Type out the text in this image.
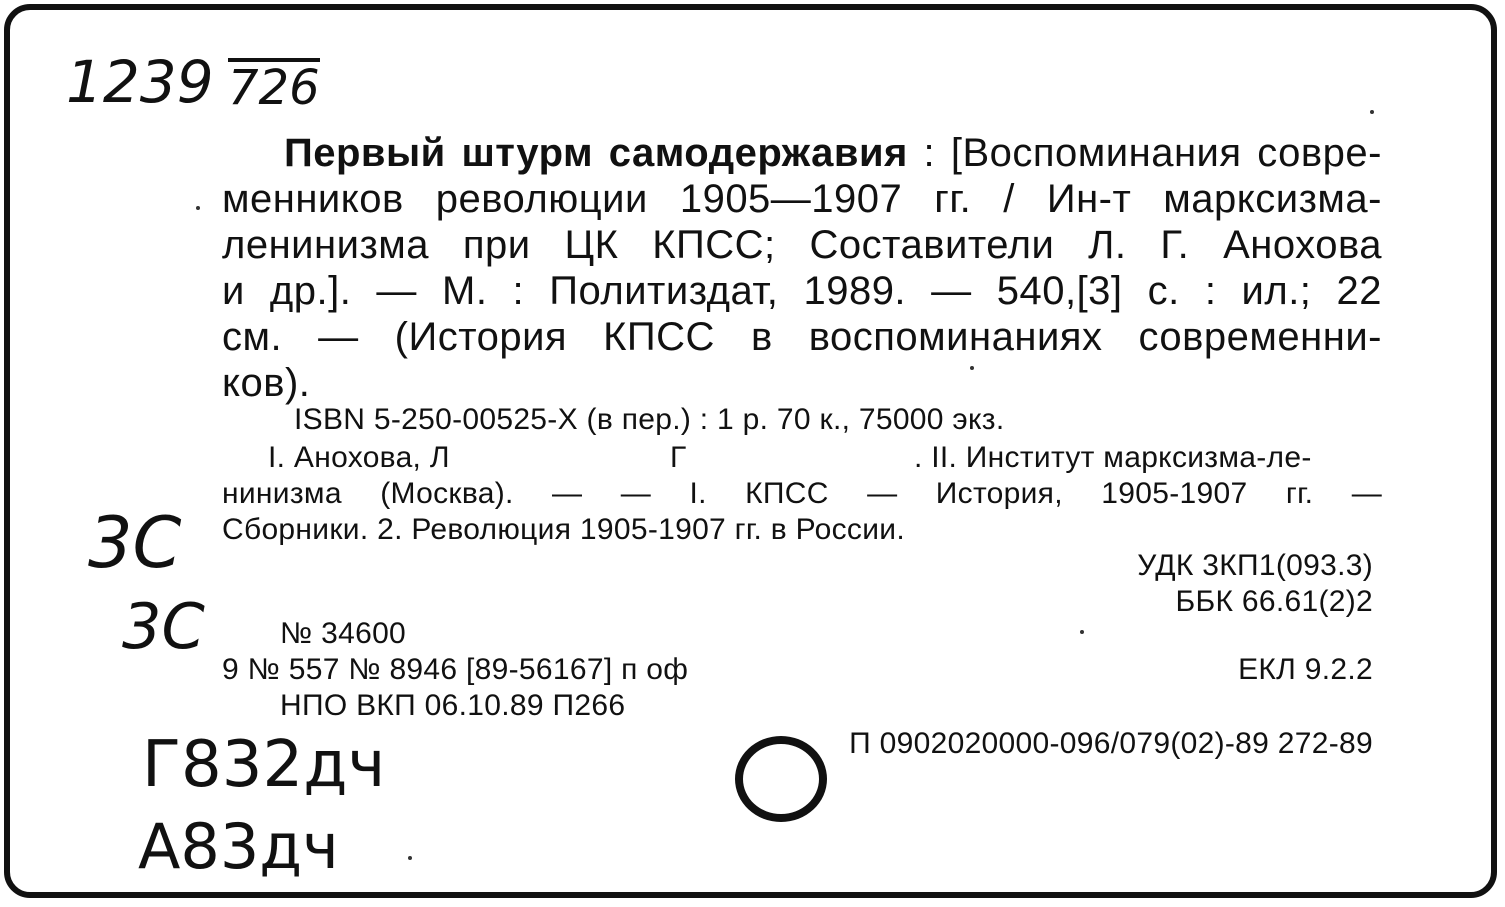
1239 726
3C
3C
Г832дч
А83дч
Первый штурм самодержавия : [Воспоминания совре-
менников революции 1905—1907 гг. / Ин-т марксизма-
ленинизма при ЦК КПСС; Составители Л. Г. Анохова
и др.]. — М. : Политиздат, 1989. — 540,[3] с. : ил.; 22
см. — (История КПСС в воспоминаниях современни-
ков).
ISBN 5-250-00525-X (в пер.) : 1 р. 70 к., 75000 экз.
I. Анохова, Л	Г	. II. Институт марксизма-ле-
нинизма (Москва). — — I. КПСС — История, 1905-1907 гг. —
Сборники. 2. Революция 1905-1907 гг. в России.
УДК 3КП1(093.3)
ББК 66.61(2)2
ЕКЛ 9.2.2
П 0902020000-096/079(02)-89 272-89
№ 34600
9 № 557 № 8946 [89-56167] п оф
НПО ВКП 06.10.89 П266
